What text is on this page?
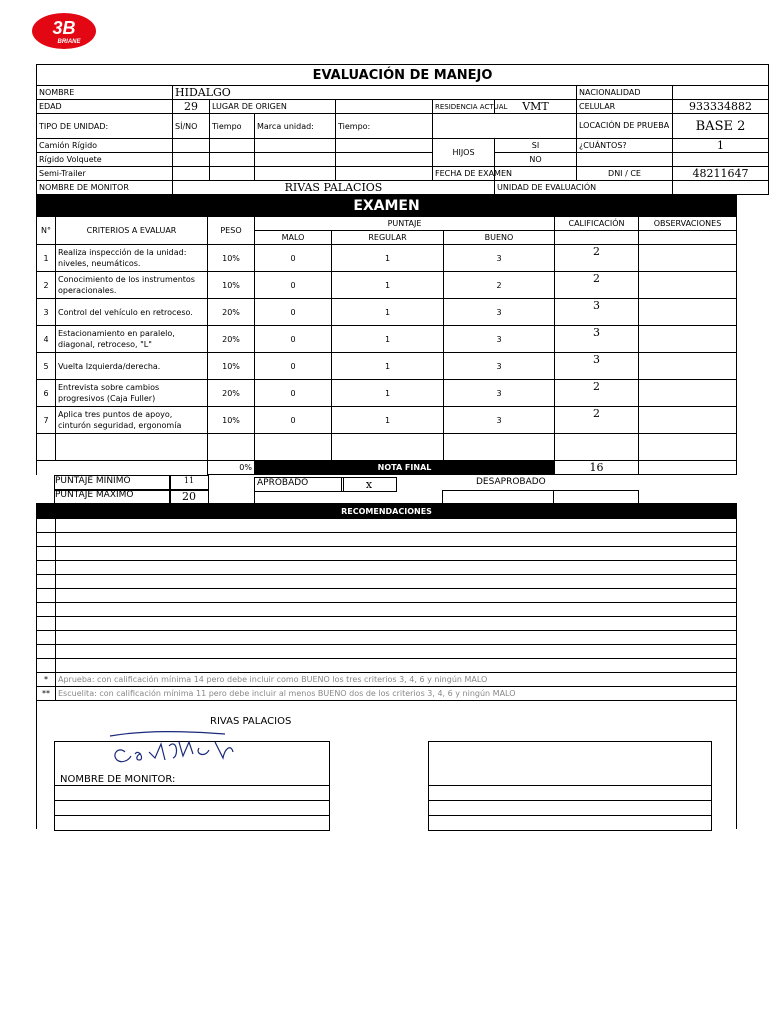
3B
BRIANE
EVALUACIÓN DE MANEJO								
NOMBRE	HIDALGO						NACIONALIDAD	
EDAD	29	LUGAR DE ORIGEN			RESIDENCIA ACTUAL	VMT	CELULAR	933334882
TIPO DE UNIDAD:	SÍ/NO	Tiempo	Marca unidad:	Tiempo:			LOCACIÓN DE PRUEBA	BASE 2
Camión Rígido					HIJOS	SI	¿CUÁNTOS?	1
Rígido Volquete						NO		
Semi-Trailer					FECHA DE EXAMEN		DNI / CE	48211647
NOMBRE DE MONITOR	RIVAS PALACIOS					UNIDAD DE EVALUACIÓN		
EXAMEN							
N°	CRITERIOS A EVALUAR	PESO	PUNTAJE			CALIFICACIÓN	OBSERVACIONES
			MALO	REGULAR	BUENO		
1	Realiza inspección de la unidad: niveles, neumáticos.	10%	0	1	3	2	
2	Conocimiento de los instrumentos operacionales.	10%	0	1	2	2	
3	Control del vehículo en retroceso.	20%	0	1	3	3	
4	Estacionamiento en paralelo, diagonal, retroceso, "L"	20%	0	1	3	3	
5	Vuelta Izquierda/derecha.	10%	0	1	3	3	
6	Entrevista sobre cambios progresivos (Caja Fuller)	20%	0	1	3	2	
7	Aplica tres puntos de apoyo, cinturón seguridad, ergonomía	10%	0	1	3	2	

		0%	NOTA FINAL			16	
PUNTAJE MINIMO	11
PUNTAJE MAXIMO	20
APROBADO	x	DESAPROBADO
RECOMENDACIONES	

*	Aprueba: con calificación mínima 14 pero debe incluir como BUENO los tres criterios 3, 4, 6 y ningún MALO
**	Escuelita: con calificación mínima 11 pero debe incluir al menos BUENO dos de los criterios 3, 4, 6 y ningún MALO

RIVAS PALACIOS
NOMBRE DE MONITOR:
